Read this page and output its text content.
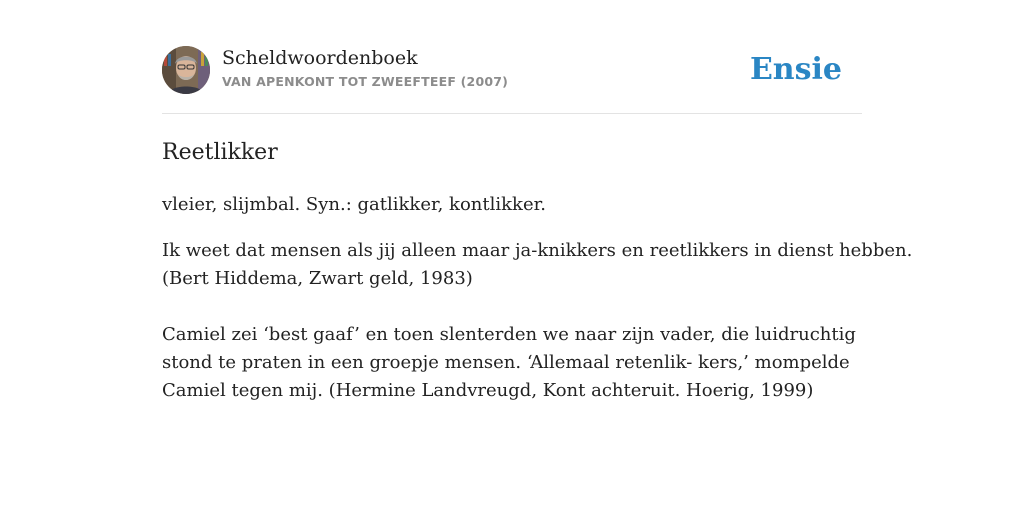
Scheldwoordenboek
VAN APENKONT TOT ZWEEFTEEF (2007)	Ensie
Reetlikker
vleier, slijmbal. Syn.: gatlikker, kontlikker.

Ik weet dat mensen als jij alleen maar ja-knikkers en reetlikkers in dienst hebben.
(Bert Hiddema, Zwart geld, 1983)

Camiel zei ‘best gaaf’ en toen slenterden we naar zijn vader, die luidruchtig
stond te praten in een groepje mensen. ‘Allemaal retenlik- kers,’ mompelde
Camiel tegen mij. (Hermine Landvreugd, Kont achteruit. Hoerig, 1999)
